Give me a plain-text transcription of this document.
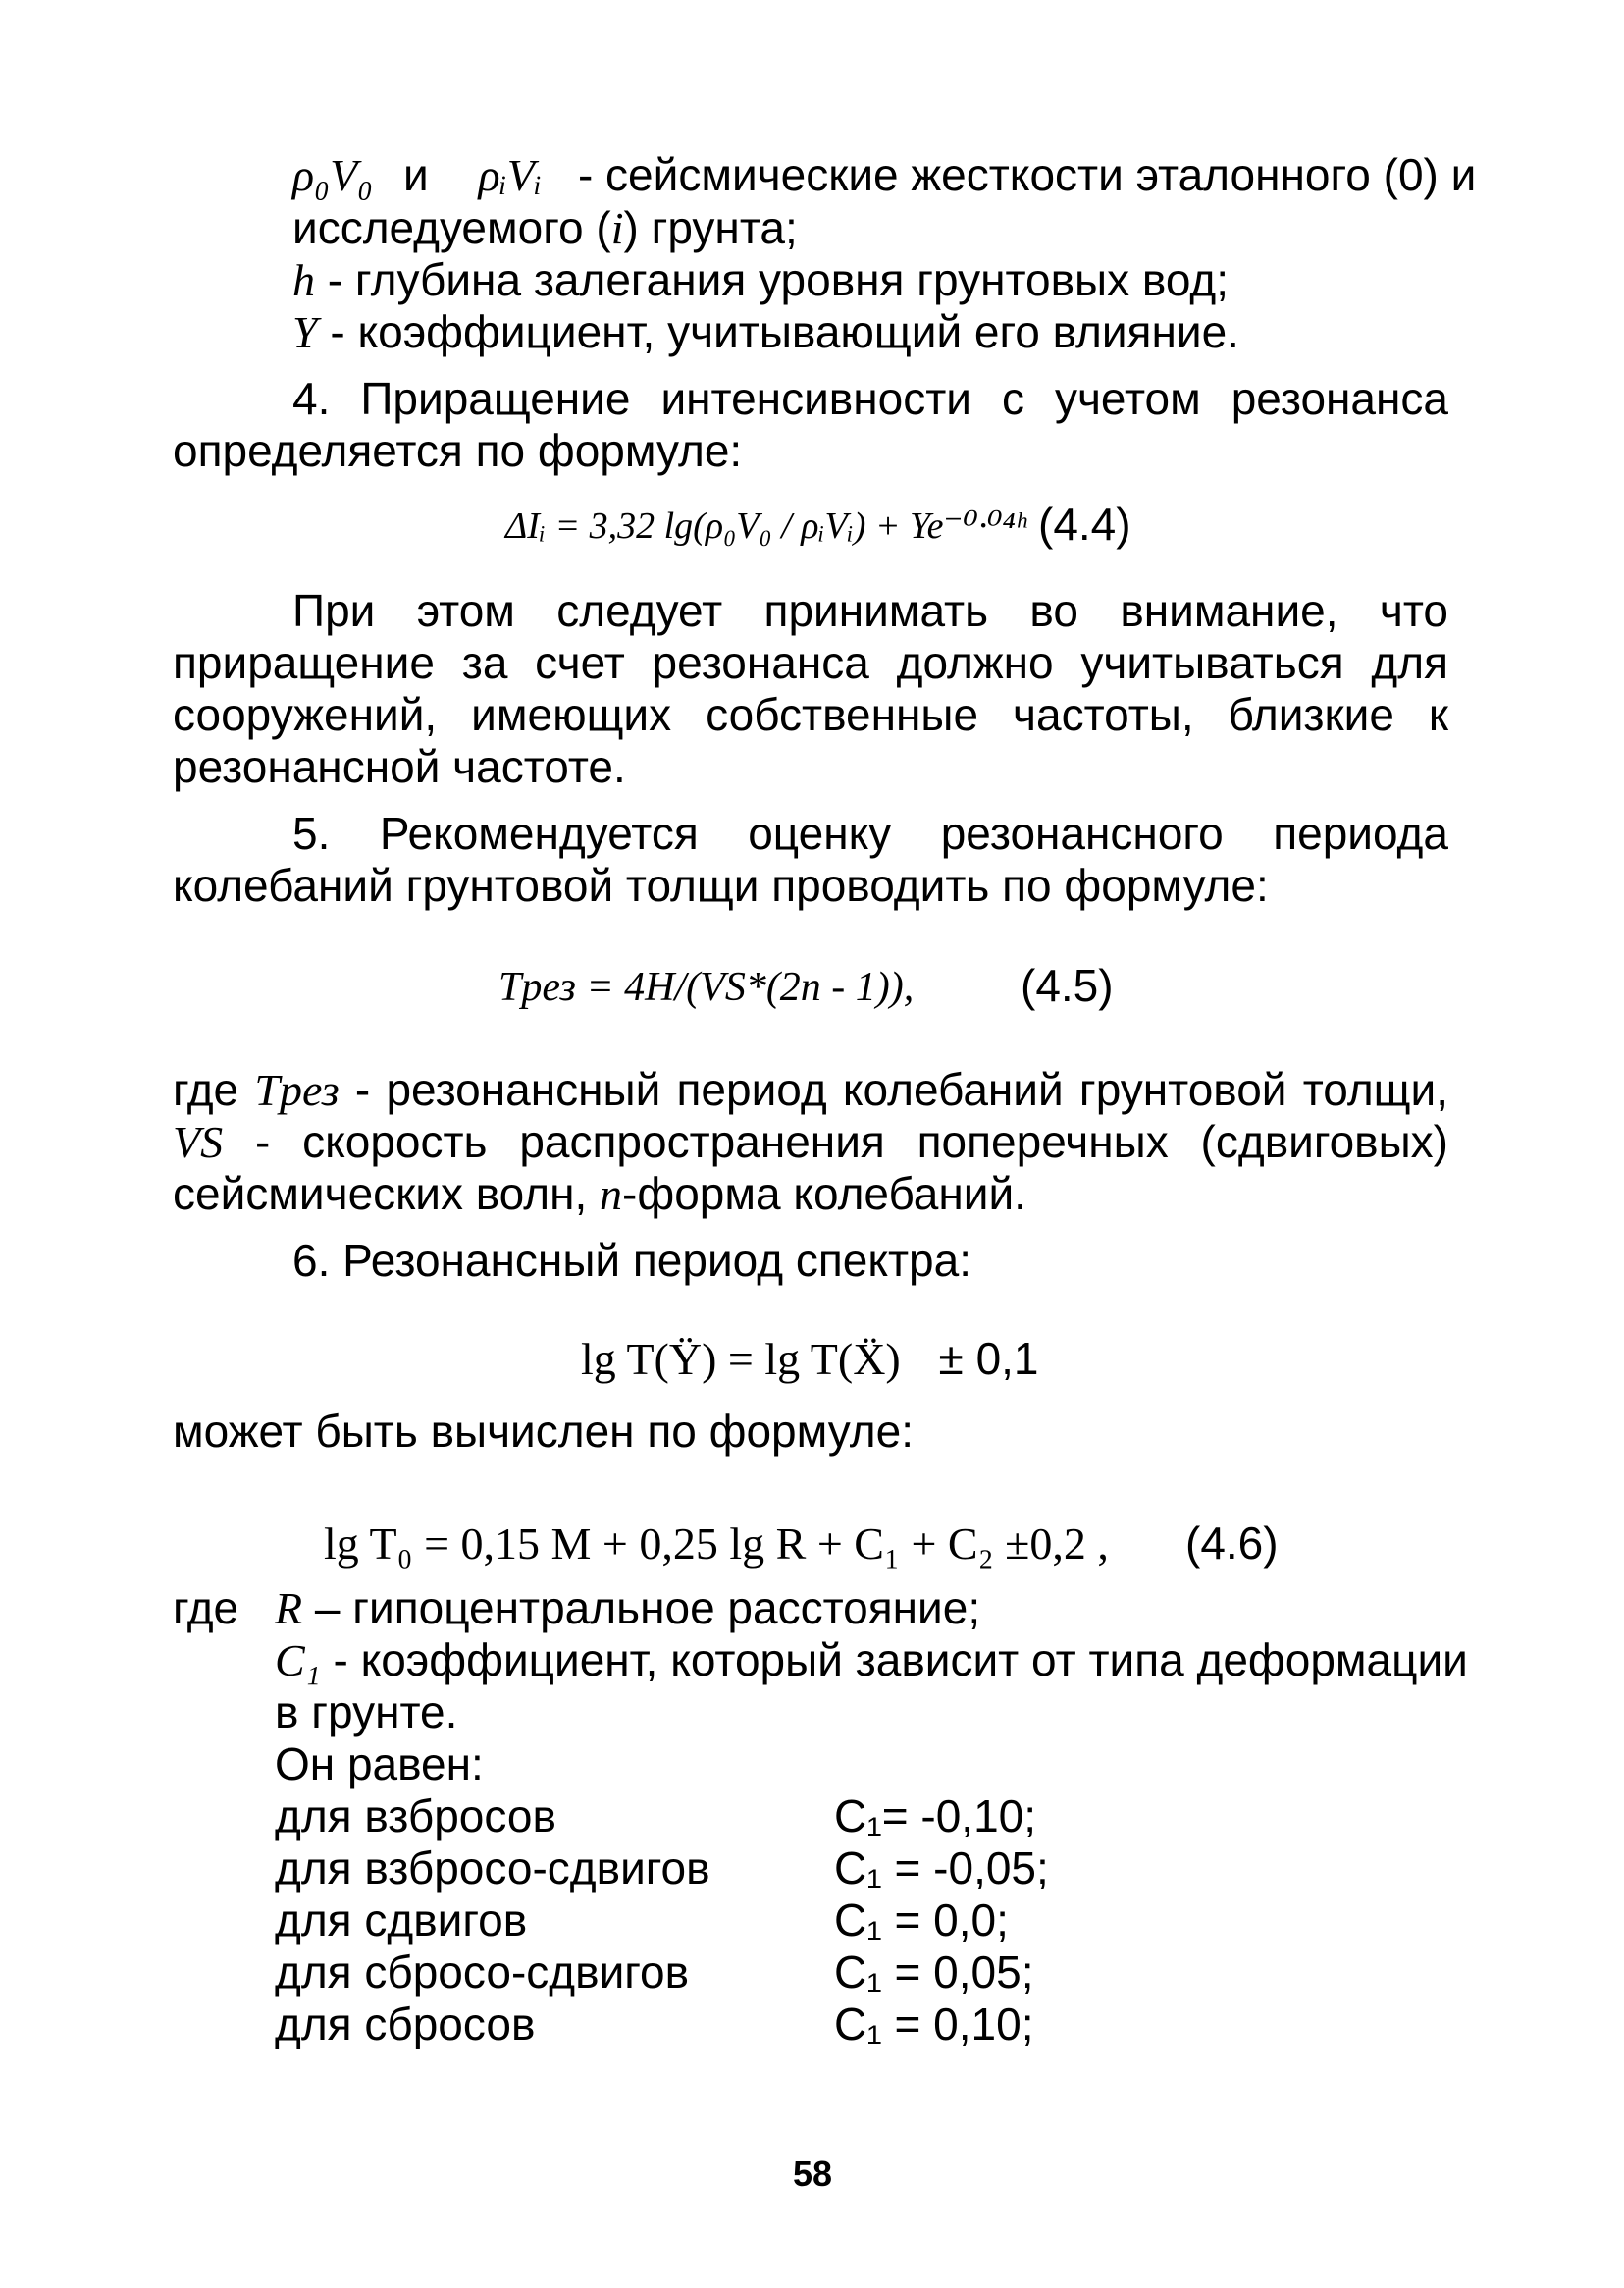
ρ₀V₀ и ρᵢVᵢ - сейсмические жесткости эталонного (0) и
исследуемого (i) грунта;
h - глубина залегания уровня грунтовых вод;
Y - коэффициент, учитывающий его влияние.
4. Приращение интенсивности с учетом резонанса
определяется по формуле:
ΔIᵢ = 3,32 lg(ρ₀V₀ / ρᵢVᵢ) + Ye⁻⁰·⁰⁴ʰ (4.4)
При этом следует принимать во внимание, что
приращение за счет резонанса должно учитываться для
сооружений, имеющих собственные частоты, близкие к
резонансной частоте.
5. Рекомендуется оценку резонансного периода
колебаний грунтовой толщи проводить по формуле:
Tрез = 4H/(VS*(2n - 1)), (4.5)
где Tрез - резонансный период колебаний грунтовой толщи,
VS - скорость распространения поперечных (сдвиговых)
сейсмических волн, n-форма колебаний.
6. Резонансный период спектра:
lg T(Ÿ) = lg T(Ẍ) ± 0,1
может быть вычислен по формуле:
lg T₀ = 0,15 M + 0,25 lg R + C₁ + C₂ ±0,2 , (4.6)
где R – гипоцентральное расстояние;
C₁ - коэффициент, который зависит от типа деформации
в грунте.
Он равен:
для взбросов	C₁= -0,10;
для взбросо-сдвигов	C₁ = -0,05;
для сдвигов	C₁ = 0,0;
для сбросо-сдвигов	C₁ = 0,05;
для сбросов	C₁ = 0,10;
58
